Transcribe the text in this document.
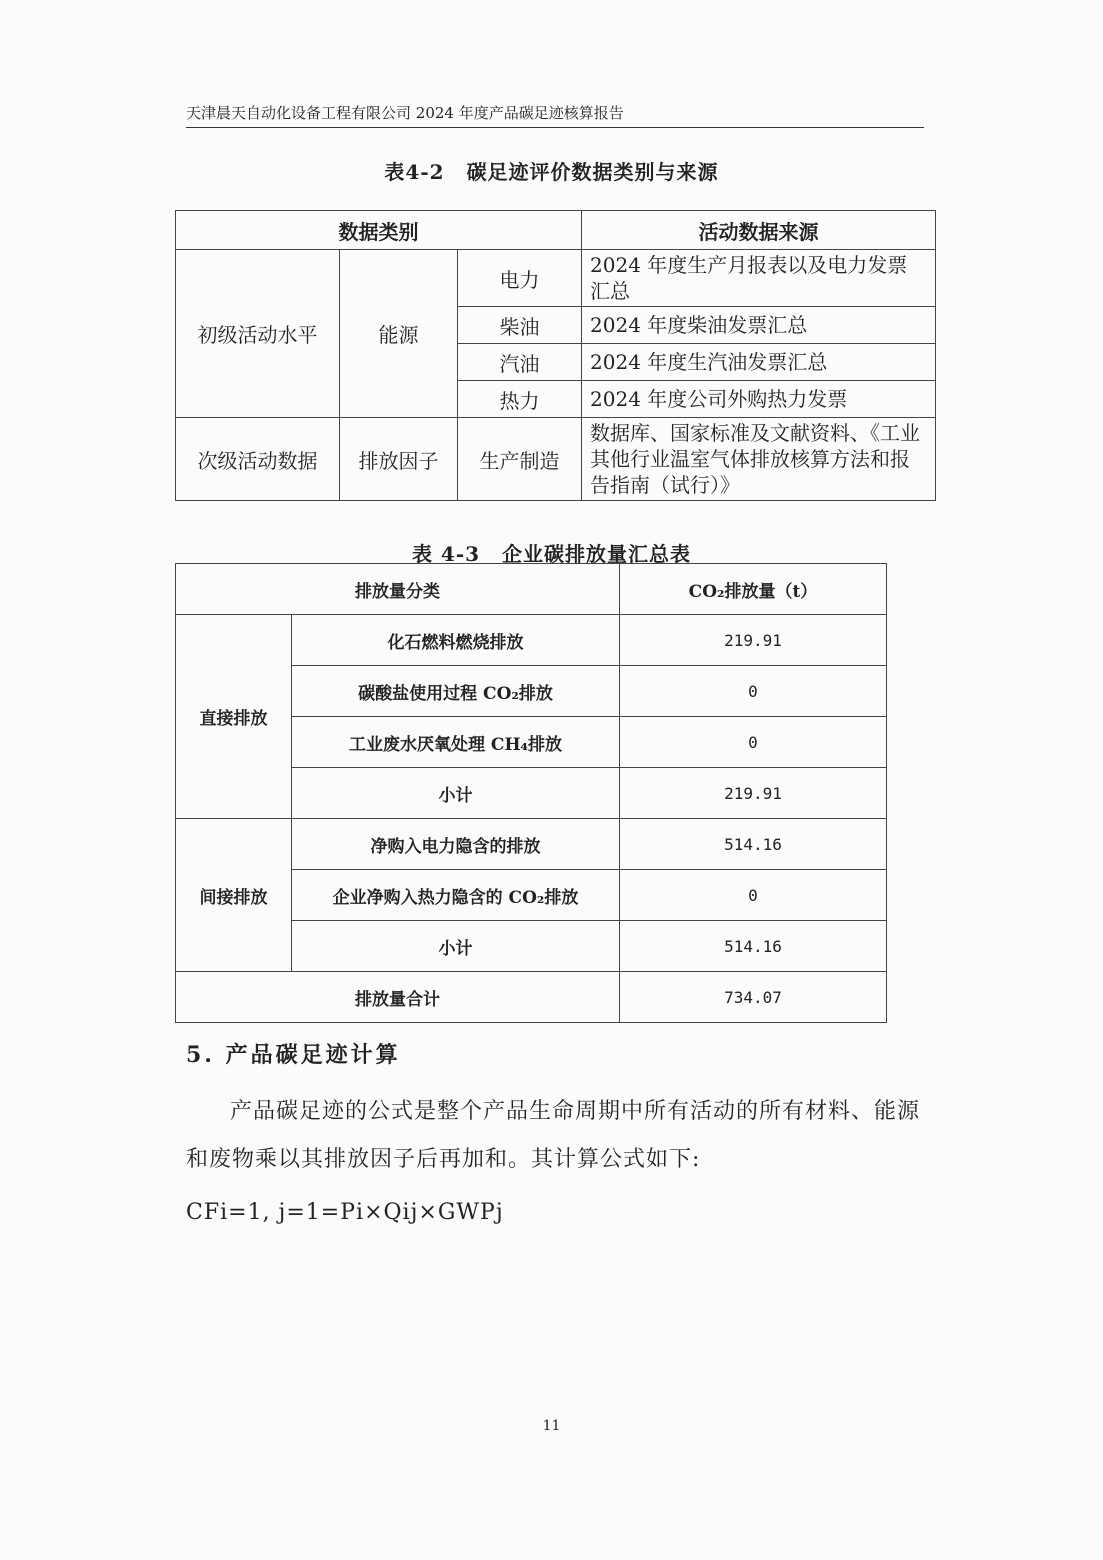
天津晨天自动化设备工程有限公司 2024 年度产品碳足迹核算报告
表4-2 碳足迹评价数据类别与来源
数据类别			活动数据来源
初级活动水平	能源	电力	2024 年度生产月报表以及电力发票汇总
		柴油	2024 年度柴油发票汇总
		汽油	2024 年度生汽油发票汇总
		热力	2024 年度公司外购热力发票
次级活动数据	排放因子	生产制造	数据库、国家标准及文献资料、《工业其他行业温室气体排放核算方法和报告指南（试行）》
表 4-3 企业碳排放量汇总表
排放量分类		CO₂排放量（t）
直接排放	化石燃料燃烧排放	219.91
	碳酸盐使用过程 CO₂排放	0
	工业废水厌氧处理 CH₄排放	0
	小计	219.91
间接排放	净购入电力隐含的排放	514.16
	企业净购入热力隐含的 CO₂排放	0
	小计	514.16
排放量合计		734.07
5. 产品碳足迹计算
产品碳足迹的公式是整个产品生命周期中所有活动的所有材料、能源和废物乘以其排放因子后再加和。其计算公式如下:
CFi=1, j=1=Pi×Qij×GWPj
11
